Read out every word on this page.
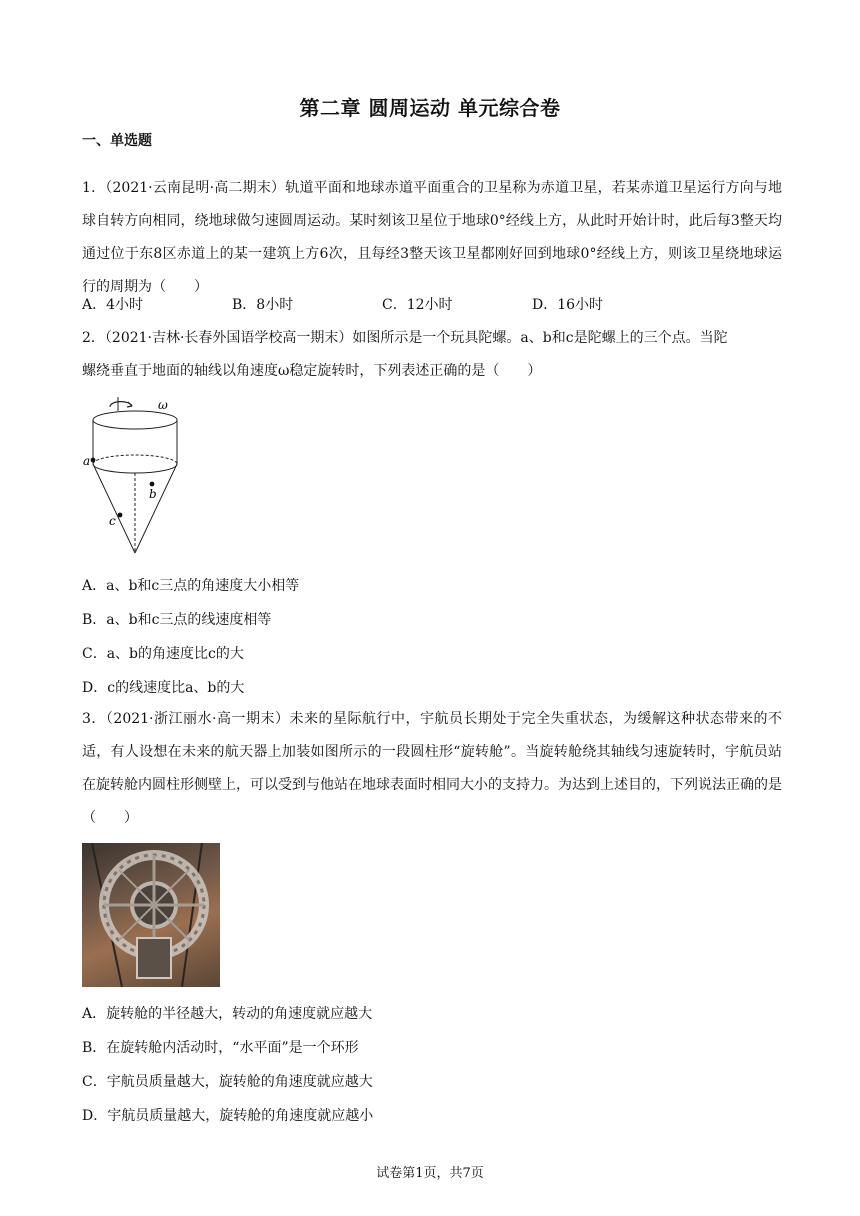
第二章 圆周运动 单元综合卷
一、单选题
1．（2021·云南昆明·高二期末）轨道平面和地球赤道平面重合的卫星称为赤道卫星，若某赤道卫星运行方向与地球自转方向相同，绕地球做匀速圆周运动。某时刻该卫星位于地球0°经线上方，从此时开始计时，此后每3整天均通过位于东8区赤道上的某一建筑上方6次，且每经3整天该卫星都刚好回到地球0°经线上方，则该卫星绕地球运行的周期为（　　）
A．4小时	B．8小时	C．12小时	D．16小时
2．（2021·吉林·长春外国语学校高一期末）如图所示是一个玩具陀螺。a、b和c是陀螺上的三个点。当陀
螺绕垂直于地面的轴线以角速度ω稳定旋转时，下列表述正确的是（　　）
ω
a
b
c
A．a、b和c三点的角速度大小相等
B．a、b和c三点的线速度相等
C．a、b的角速度比c的大
D．c的线速度比a、b的大
3．（2021·浙江丽水·高一期末）未来的星际航行中，宇航员长期处于完全失重状态，为缓解这种状态带来的不适，有人设想在未来的航天器上加装如图所示的一段圆柱形“旋转舱”。当旋转舱绕其轴线匀速旋转时，宇航员站在旋转舱内圆柱形侧壁上，可以受到与他站在地球表面时相同大小的支持力。为达到上述目的，下列说法正确的是（　　）
A．旋转舱的半径越大，转动的角速度就应越大
B．在旋转舱内活动时，“水平面”是一个环形
C．宇航员质量越大，旋转舱的角速度就应越大
D．宇航员质量越大，旋转舱的角速度就应越小
试卷第1页，共7页
